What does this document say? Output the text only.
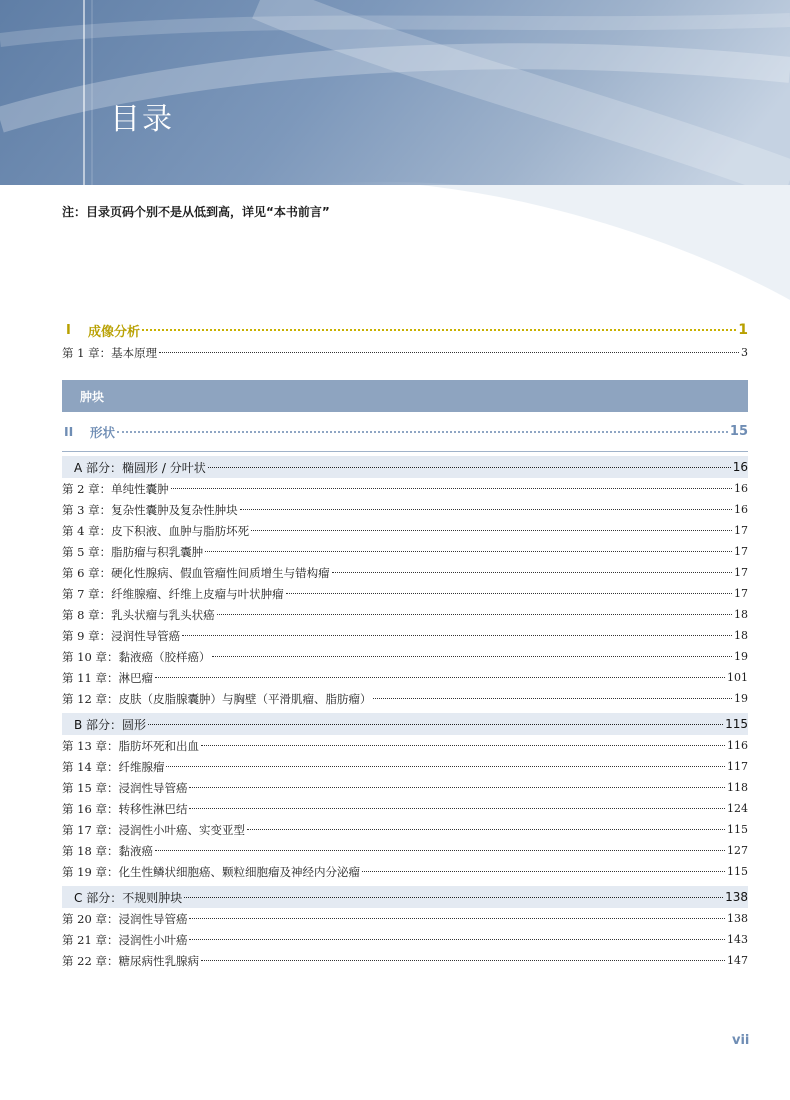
目录
注：目录页码个别不是从低到高，详见“本书前言”
I	成像分析	1
第 1 章：基本原理	3
肿块
II	形状	15
A 部分：椭圆形 / 分叶状	16
第 2 章：单纯性囊肿	16
第 3 章：复杂性囊肿及复杂性肿块	16
第 4 章：皮下积液、血肿与脂肪坏死	17
第 5 章：脂肪瘤与积乳囊肿	17
第 6 章：硬化性腺病、假血管瘤性间质增生与错构瘤	17
第 7 章：纤维腺瘤、纤维上皮瘤与叶状肿瘤	17
第 8 章：乳头状瘤与乳头状癌	18
第 9 章：浸润性导管癌	18
第 10 章：黏液癌（胶样癌）	19
第 11 章：淋巴瘤	101
第 12 章：皮肤（皮脂腺囊肿）与胸壁（平滑肌瘤、脂肪瘤）	19
B 部分：圆形	115
第 13 章：脂肪坏死和出血	116
第 14 章：纤维腺瘤	117
第 15 章：浸润性导管癌	118
第 16 章：转移性淋巴结	124
第 17 章：浸润性小叶癌、实变亚型	115
第 18 章：黏液癌	127
第 19 章：化生性鳞状细胞癌、颗粒细胞瘤及神经内分泌瘤	115
C 部分：不规则肿块	138
第 20 章：浸润性导管癌	138
第 21 章：浸润性小叶癌	143
第 22 章：糖尿病性乳腺病	147
vii
